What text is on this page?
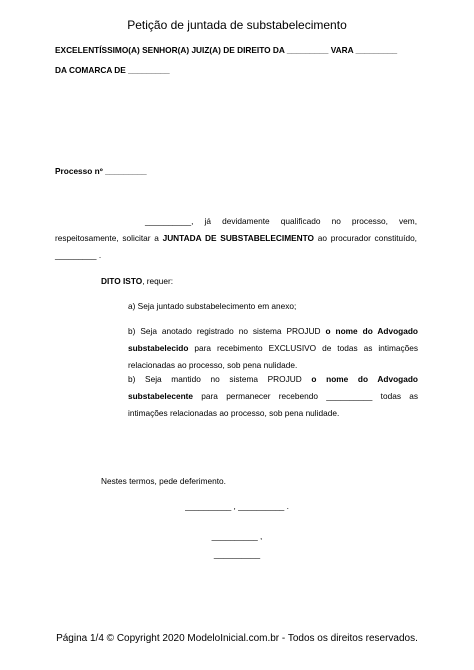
Petição de juntada de substabelecimento
EXCELENTÍSSIMO(A) SENHOR(A) JUIZ(A) DE DIREITO DA _________ VARA _________
DA COMARCA DE _________
Processo nº _________
__________, já devidamente qualificado no processo, vem, respeitosamente, solicitar a JUNTADA DE SUBSTABELECIMENTO ao procurador constituído, _________ .
DITO ISTO, requer:
a) Seja juntado substabelecimento em anexo;
b) Seja anotado registrado no sistema PROJUD o nome do Advogado substabelecido para recebimento EXCLUSIVO de todas as intimações relacionadas ao processo, sob pena nulidade.
b) Seja mantido no sistema PROJUD o nome do Advogado substabelecente para permanecer recebendo __________ todas as intimações relacionadas ao processo, sob pena nulidade.
Nestes termos, pede deferimento.
__________ , __________ .
__________ ,
__________
Página 1/4 © Copyright 2020 ModeloInicial.com.br - Todos os direitos reservados.
